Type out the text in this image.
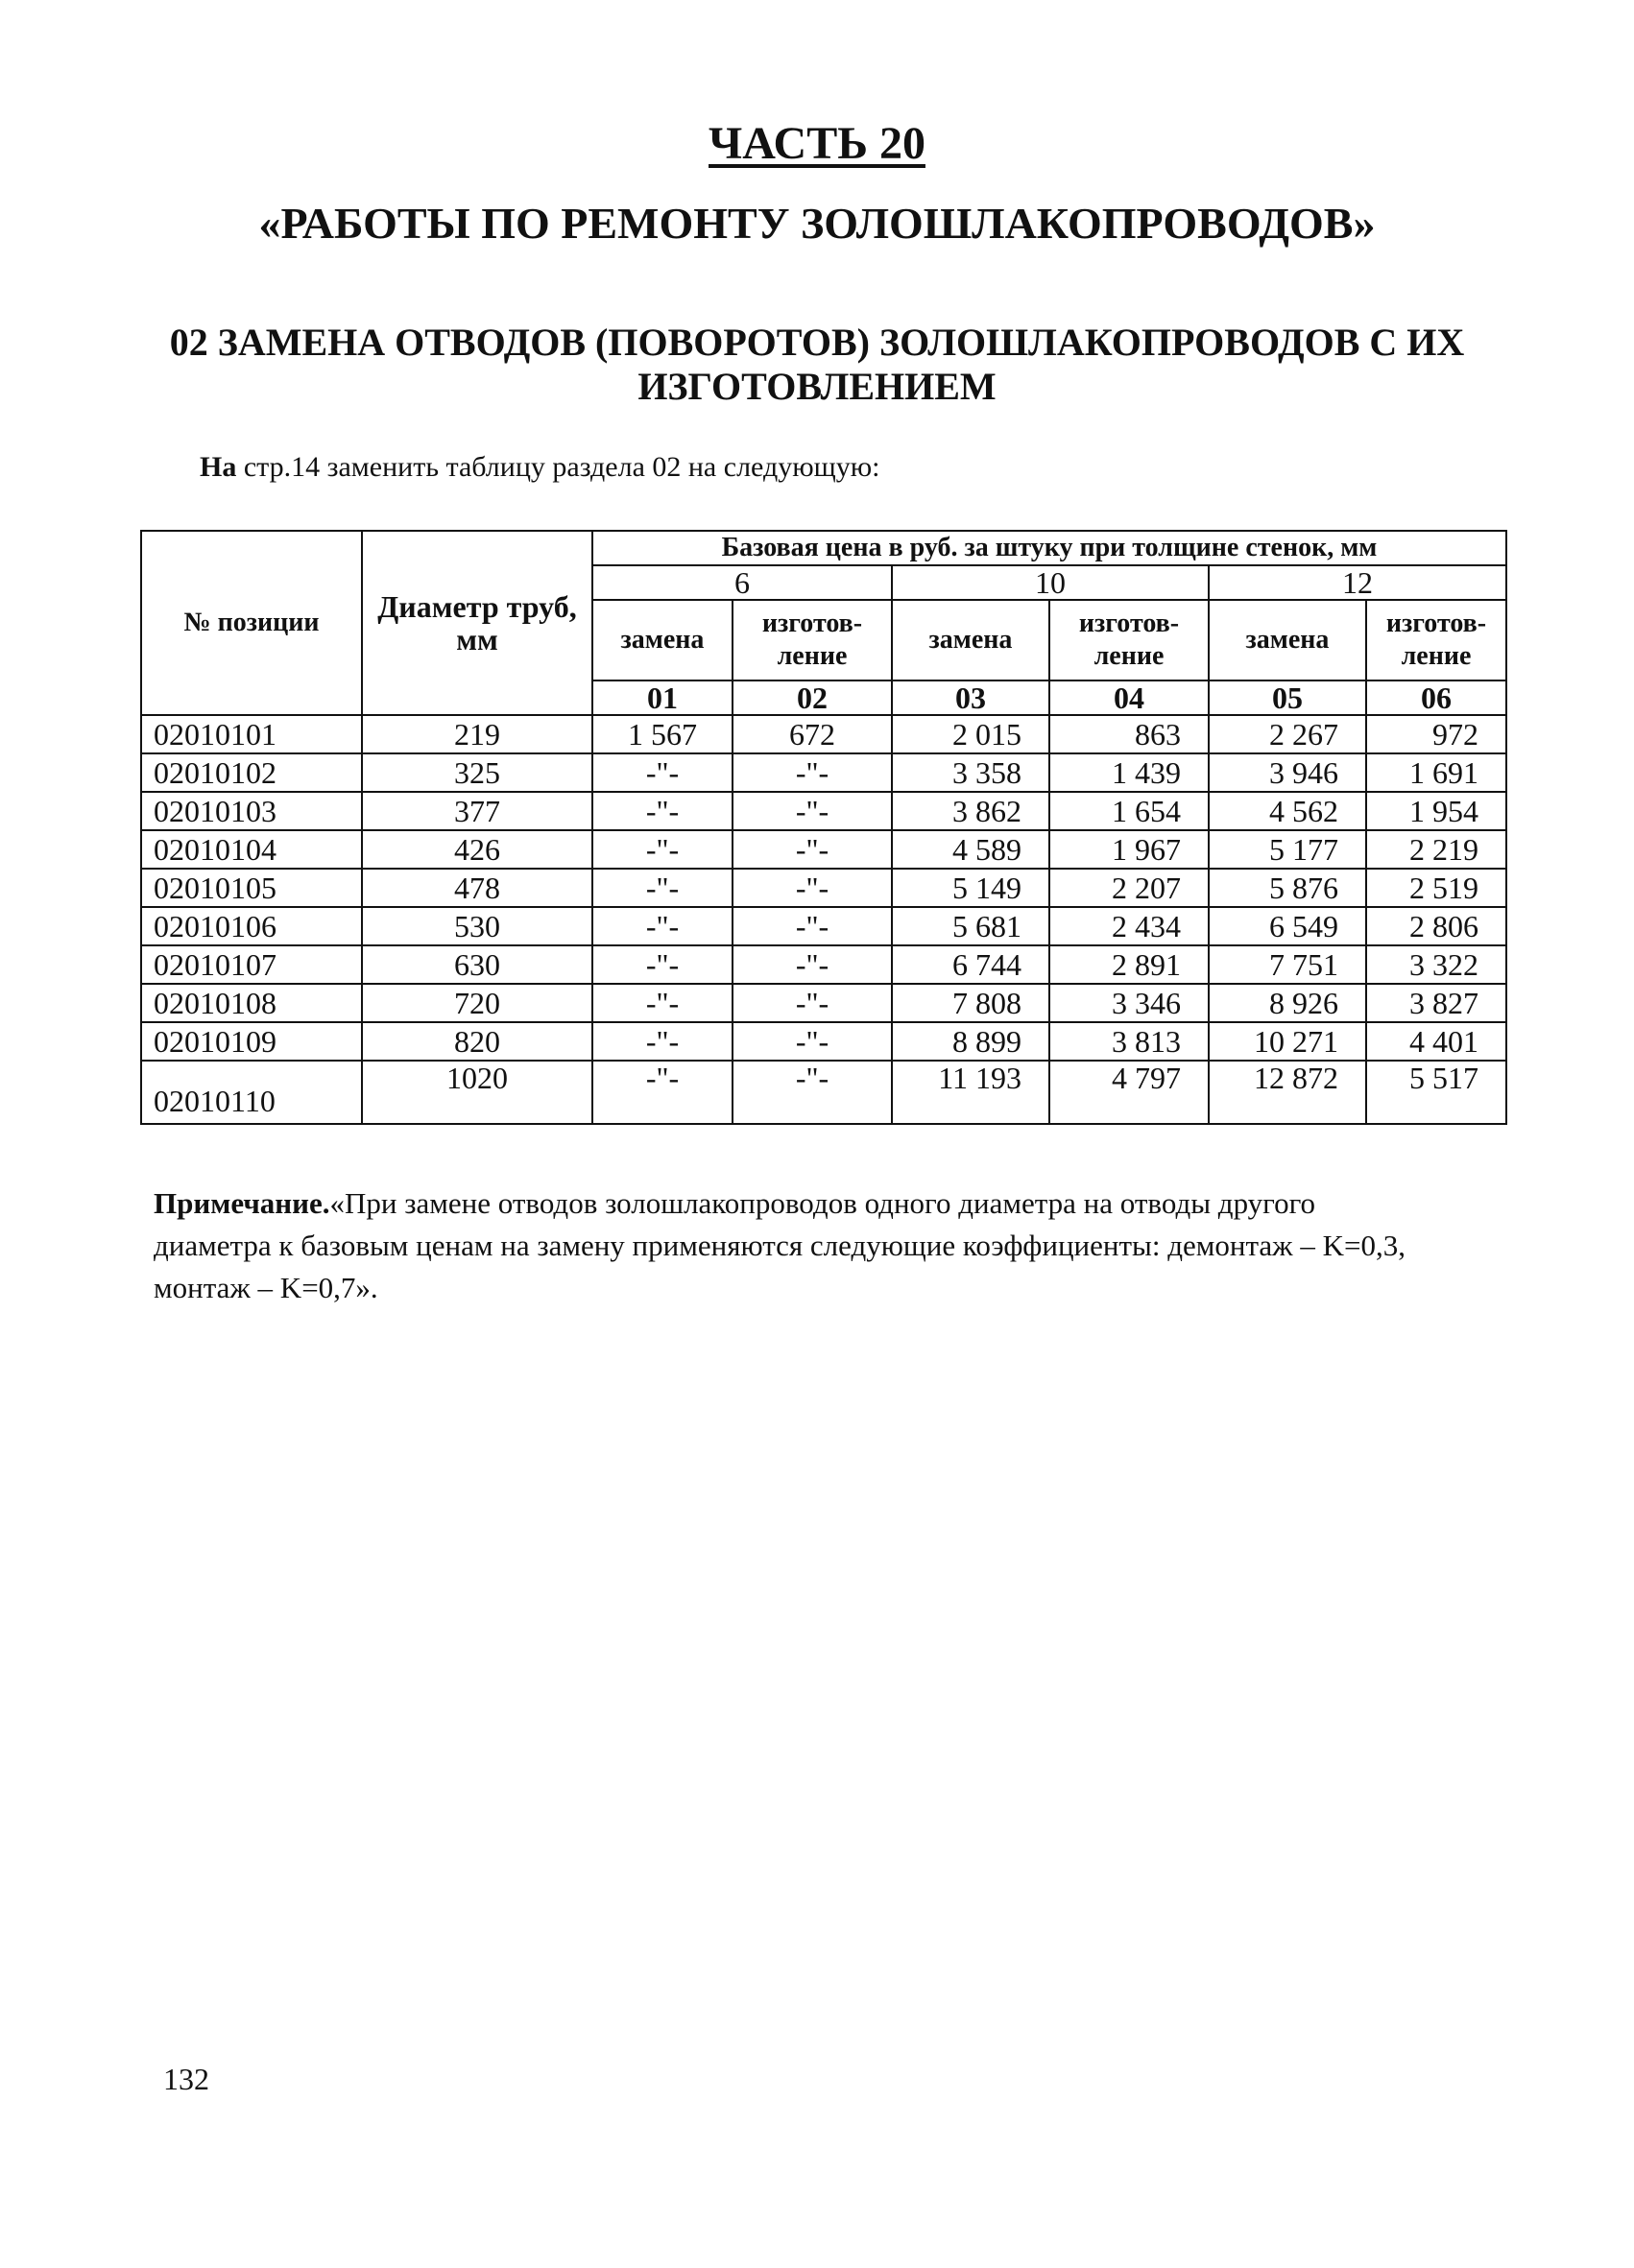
ЧАСТЬ 20
«РАБОТЫ ПО РЕМОНТУ ЗОЛОШЛАКОПРОВОДОВ»
02 ЗАМЕНА ОТВОДОВ (ПОВОРОТОВ) ЗОЛОШЛАКОПРОВОДОВ С ИХ
ИЗГОТОВЛЕНИЕМ
На стр.14 заменить таблицу раздела 02 на следующую:
№ позиции	Диаметр труб, мм	Базовая цена в руб. за штуку при толщине стенок, мм					
		6		10		12	
		замена	изготов-ление	замена	изготов-ление	замена	изготов-ление
		01	02	03	04	05	06
02010101	219	1 567	672	2 015	863	2 267	972
02010102	325	-"-	-"-	3 358	1 439	3 946	1 691
02010103	377	-"-	-"-	3 862	1 654	4 562	1 954
02010104	426	-"-	-"-	4 589	1 967	5 177	2 219
02010105	478	-"-	-"-	5 149	2 207	5 876	2 519
02010106	530	-"-	-"-	5 681	2 434	6 549	2 806
02010107	630	-"-	-"-	6 744	2 891	7 751	3 322
02010108	720	-"-	-"-	7 808	3 346	8 926	3 827
02010109	820	-"-	-"-	8 899	3 813	10 271	4 401
02010110	1020	-"-	-"-	11 193	4 797	12 872	5 517
Примечание.«При замене отводов золошлакопроводов одного диаметра на отводы другого диаметра к базовым ценам на замену применяются следующие коэффициенты: демонтаж – K=0,3, монтаж – K=0,7».
132
